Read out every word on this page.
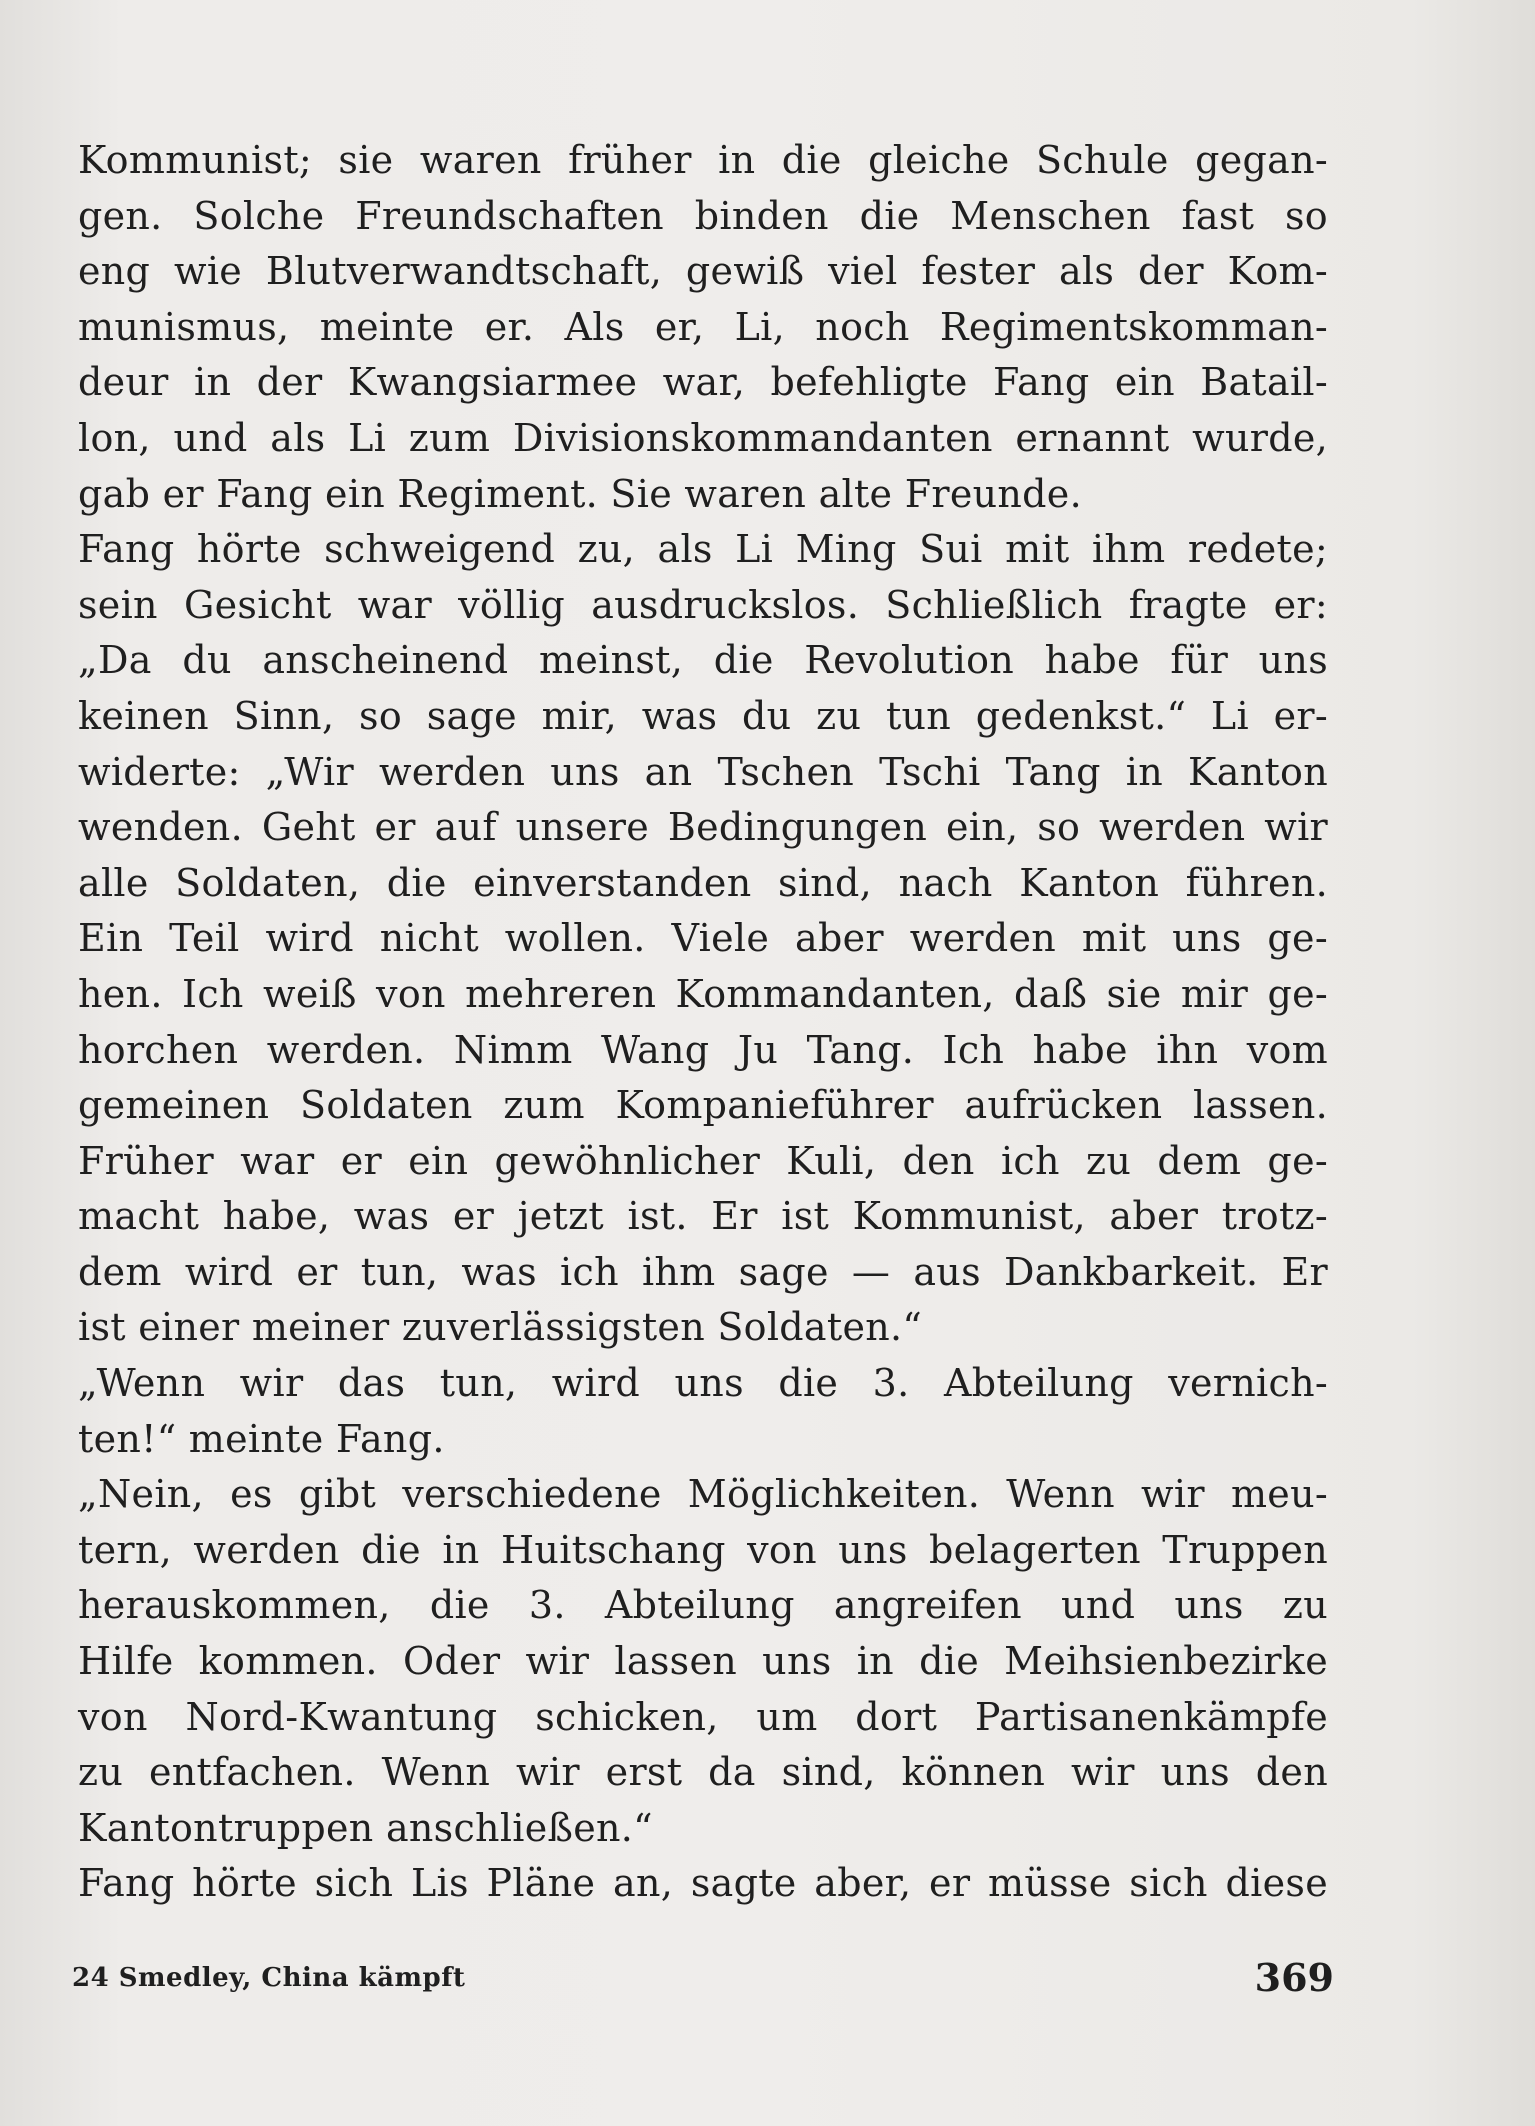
Kommunist; sie waren früher in die gleiche Schule gegan-
gen. Solche Freundschaften binden die Menschen fast so
eng wie Blutverwandtschaft, gewiß viel fester als der Kom-
munismus, meinte er. Als er, Li, noch Regimentskomman-
deur in der Kwangsiarmee war, befehligte Fang ein Batail-
lon, und als Li zum Divisionskommandanten ernannt wurde,
gab er Fang ein Regiment. Sie waren alte Freunde.
Fang hörte schweigend zu, als Li Ming Sui mit ihm redete;
sein Gesicht war völlig ausdruckslos. Schließlich fragte er:
„Da du anscheinend meinst, die Revolution habe für uns
keinen Sinn, so sage mir, was du zu tun gedenkst.“ Li er-
widerte: „Wir werden uns an Tschen Tschi Tang in Kanton
wenden. Geht er auf unsere Bedingungen ein, so werden wir
alle Soldaten, die einverstanden sind, nach Kanton führen.
Ein Teil wird nicht wollen. Viele aber werden mit uns ge-
hen. Ich weiß von mehreren Kommandanten, daß sie mir ge-
horchen werden. Nimm Wang Ju Tang. Ich habe ihn vom
gemeinen Soldaten zum Kompanieführer aufrücken lassen.
Früher war er ein gewöhnlicher Kuli, den ich zu dem ge-
macht habe, was er jetzt ist. Er ist Kommunist, aber trotz-
dem wird er tun, was ich ihm sage — aus Dankbarkeit. Er
ist einer meiner zuverlässigsten Soldaten.“
„Wenn wir das tun, wird uns die 3. Abteilung vernich-
ten!“ meinte Fang.
„Nein, es gibt verschiedene Möglichkeiten. Wenn wir meu-
tern, werden die in Huitschang von uns belagerten Truppen
herauskommen, die 3. Abteilung angreifen und uns zu
Hilfe kommen. Oder wir lassen uns in die Meihsienbezirke
von Nord-Kwantung schicken, um dort Partisanenkämpfe
zu entfachen. Wenn wir erst da sind, können wir uns den
Kantontruppen anschließen.“
Fang hörte sich Lis Pläne an, sagte aber, er müsse sich diese
24 Smedley, China kämpft	369
